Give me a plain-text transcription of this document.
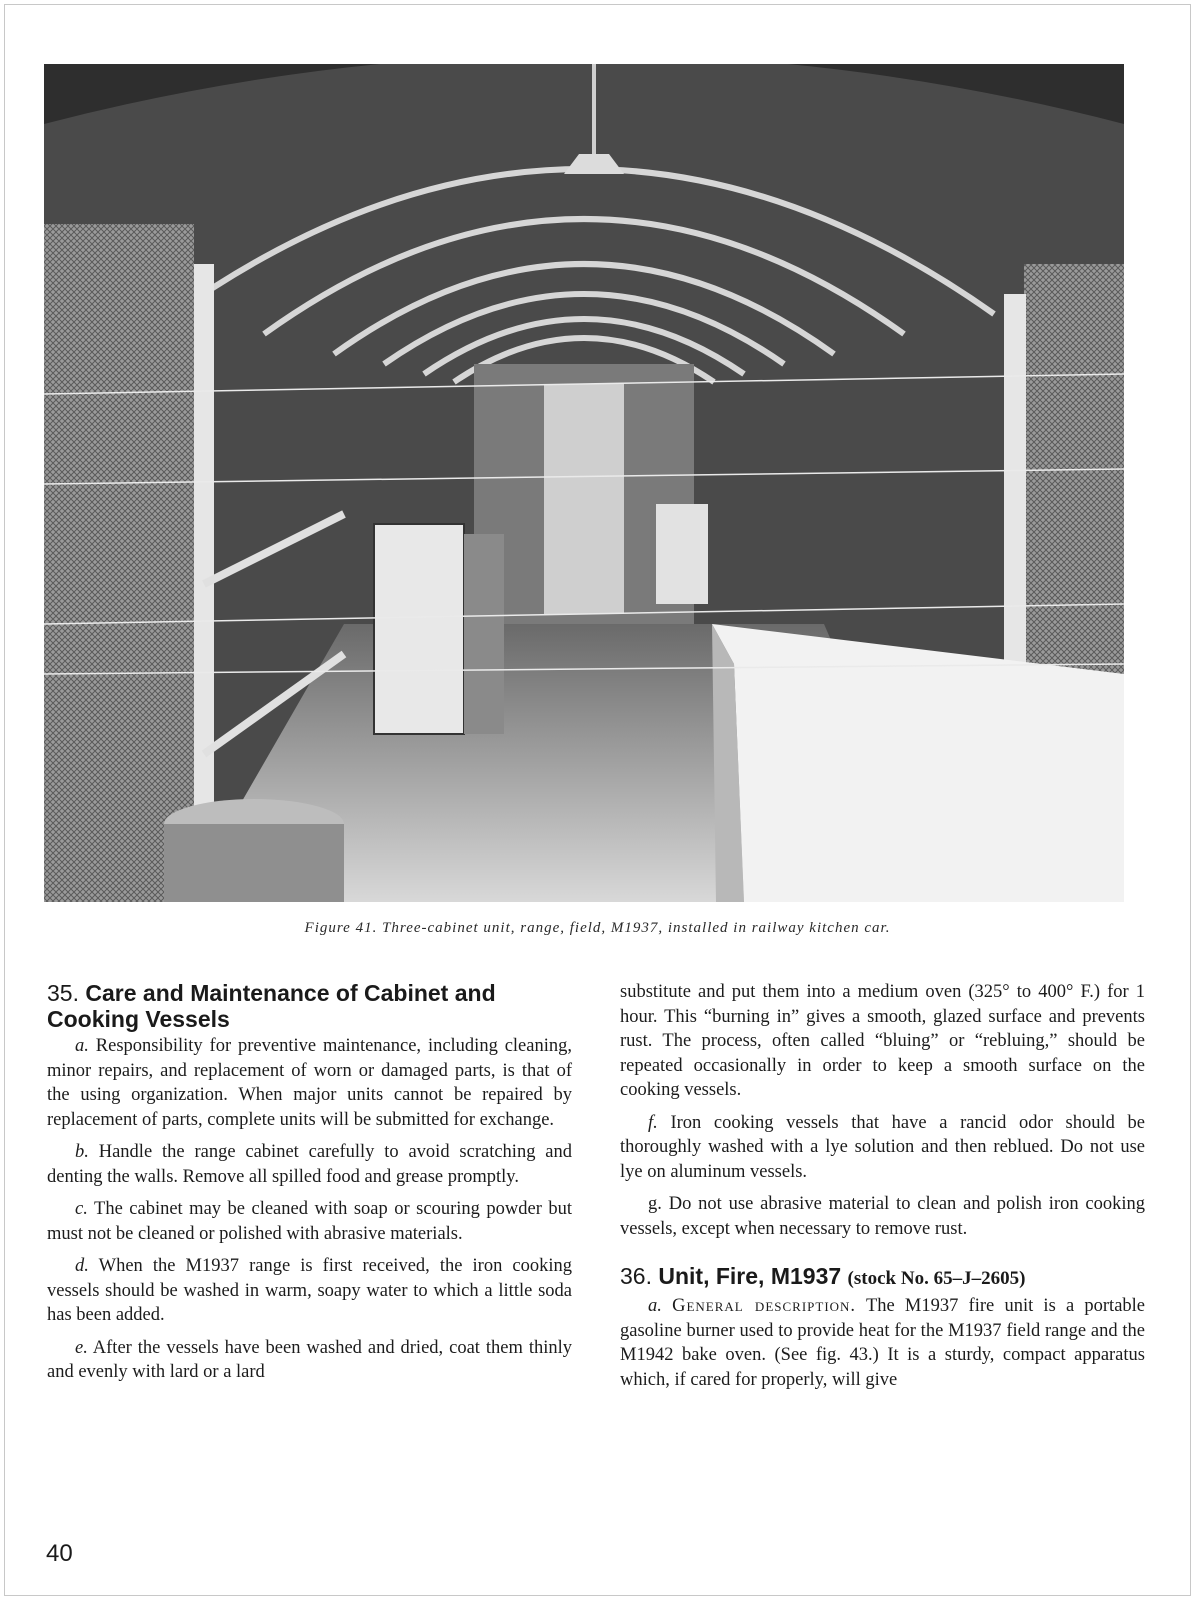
Figure 41. Three-cabinet unit, range, field, M1937, installed in railway kitchen car.
35. Care and Maintenance of Cabinet and Cooking Vessels

a. Responsibility for preventive maintenance, including cleaning, minor repairs, and replacement of worn or damaged parts, is that of the using organization. When major units cannot be repaired by replacement of parts, complete units will be submitted for exchange.

b. Handle the range cabinet carefully to avoid scratching and denting the walls. Remove all spilled food and grease promptly.

c. The cabinet may be cleaned with soap or scouring powder but must not be cleaned or polished with abrasive materials.

d. When the M1937 range is first received, the iron cooking vessels should be washed in warm, soapy water to which a little soda has been added.

e. After the vessels have been washed and dried, coat them thinly and evenly with lard or a lard

substitute and put them into a medium oven (325° to 400° F.) for 1 hour. This “burning in” gives a smooth, glazed surface and prevents rust. The process, often called “bluing” or “rebluing,” should be repeated occasionally in order to keep a smooth surface on the cooking vessels.

f. Iron cooking vessels that have a rancid odor should be thoroughly washed with a lye solution and then reblued. Do not use lye on aluminum vessels.

g. Do not use abrasive material to clean and polish iron cooking vessels, except when necessary to remove rust.

36. Unit, Fire, M1937 (stock No. 65–J–2605)

a. General description. The M1937 fire unit is a portable gasoline burner used to provide heat for the M1937 field range and the M1942 bake oven. (See fig. 43.) It is a sturdy, compact apparatus which, if cared for properly, will give

40
